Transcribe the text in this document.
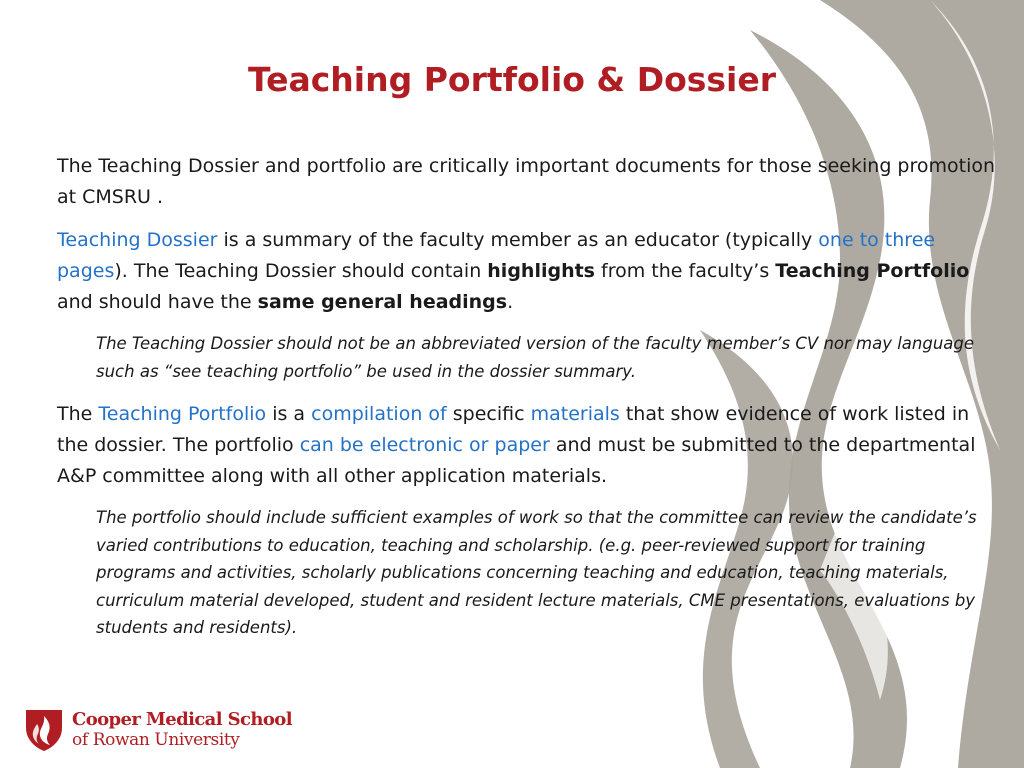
Teaching Portfolio & Dossier

The Teaching Dossier and portfolio are critically important documents for those seeking promotion at CMSRU .

Teaching Dossier is a summary of the faculty member as an educator (typically one to three pages). The Teaching Dossier should contain highlights from the faculty’s Teaching Portfolio and should have the same general headings.

The Teaching Dossier should not be an abbreviated version of the faculty member’s CV nor may language such as “see teaching portfolio” be used in the dossier summary.

The Teaching Portfolio is a compilation of specific materials that show evidence of work listed in the dossier. The portfolio can be electronic or paper and must be submitted to the departmental A&P committee along with all other application materials.

The portfolio should include sufficient examples of work so that the committee can review the candidate’s varied contributions to education, teaching and scholarship. (e.g. peer-reviewed support for training programs and activities, scholarly publications concerning teaching and education, teaching materials, curriculum material developed, student and resident lecture materials, CME presentations, evaluations by students and residents).

Cooper Medical School
of Rowan University
